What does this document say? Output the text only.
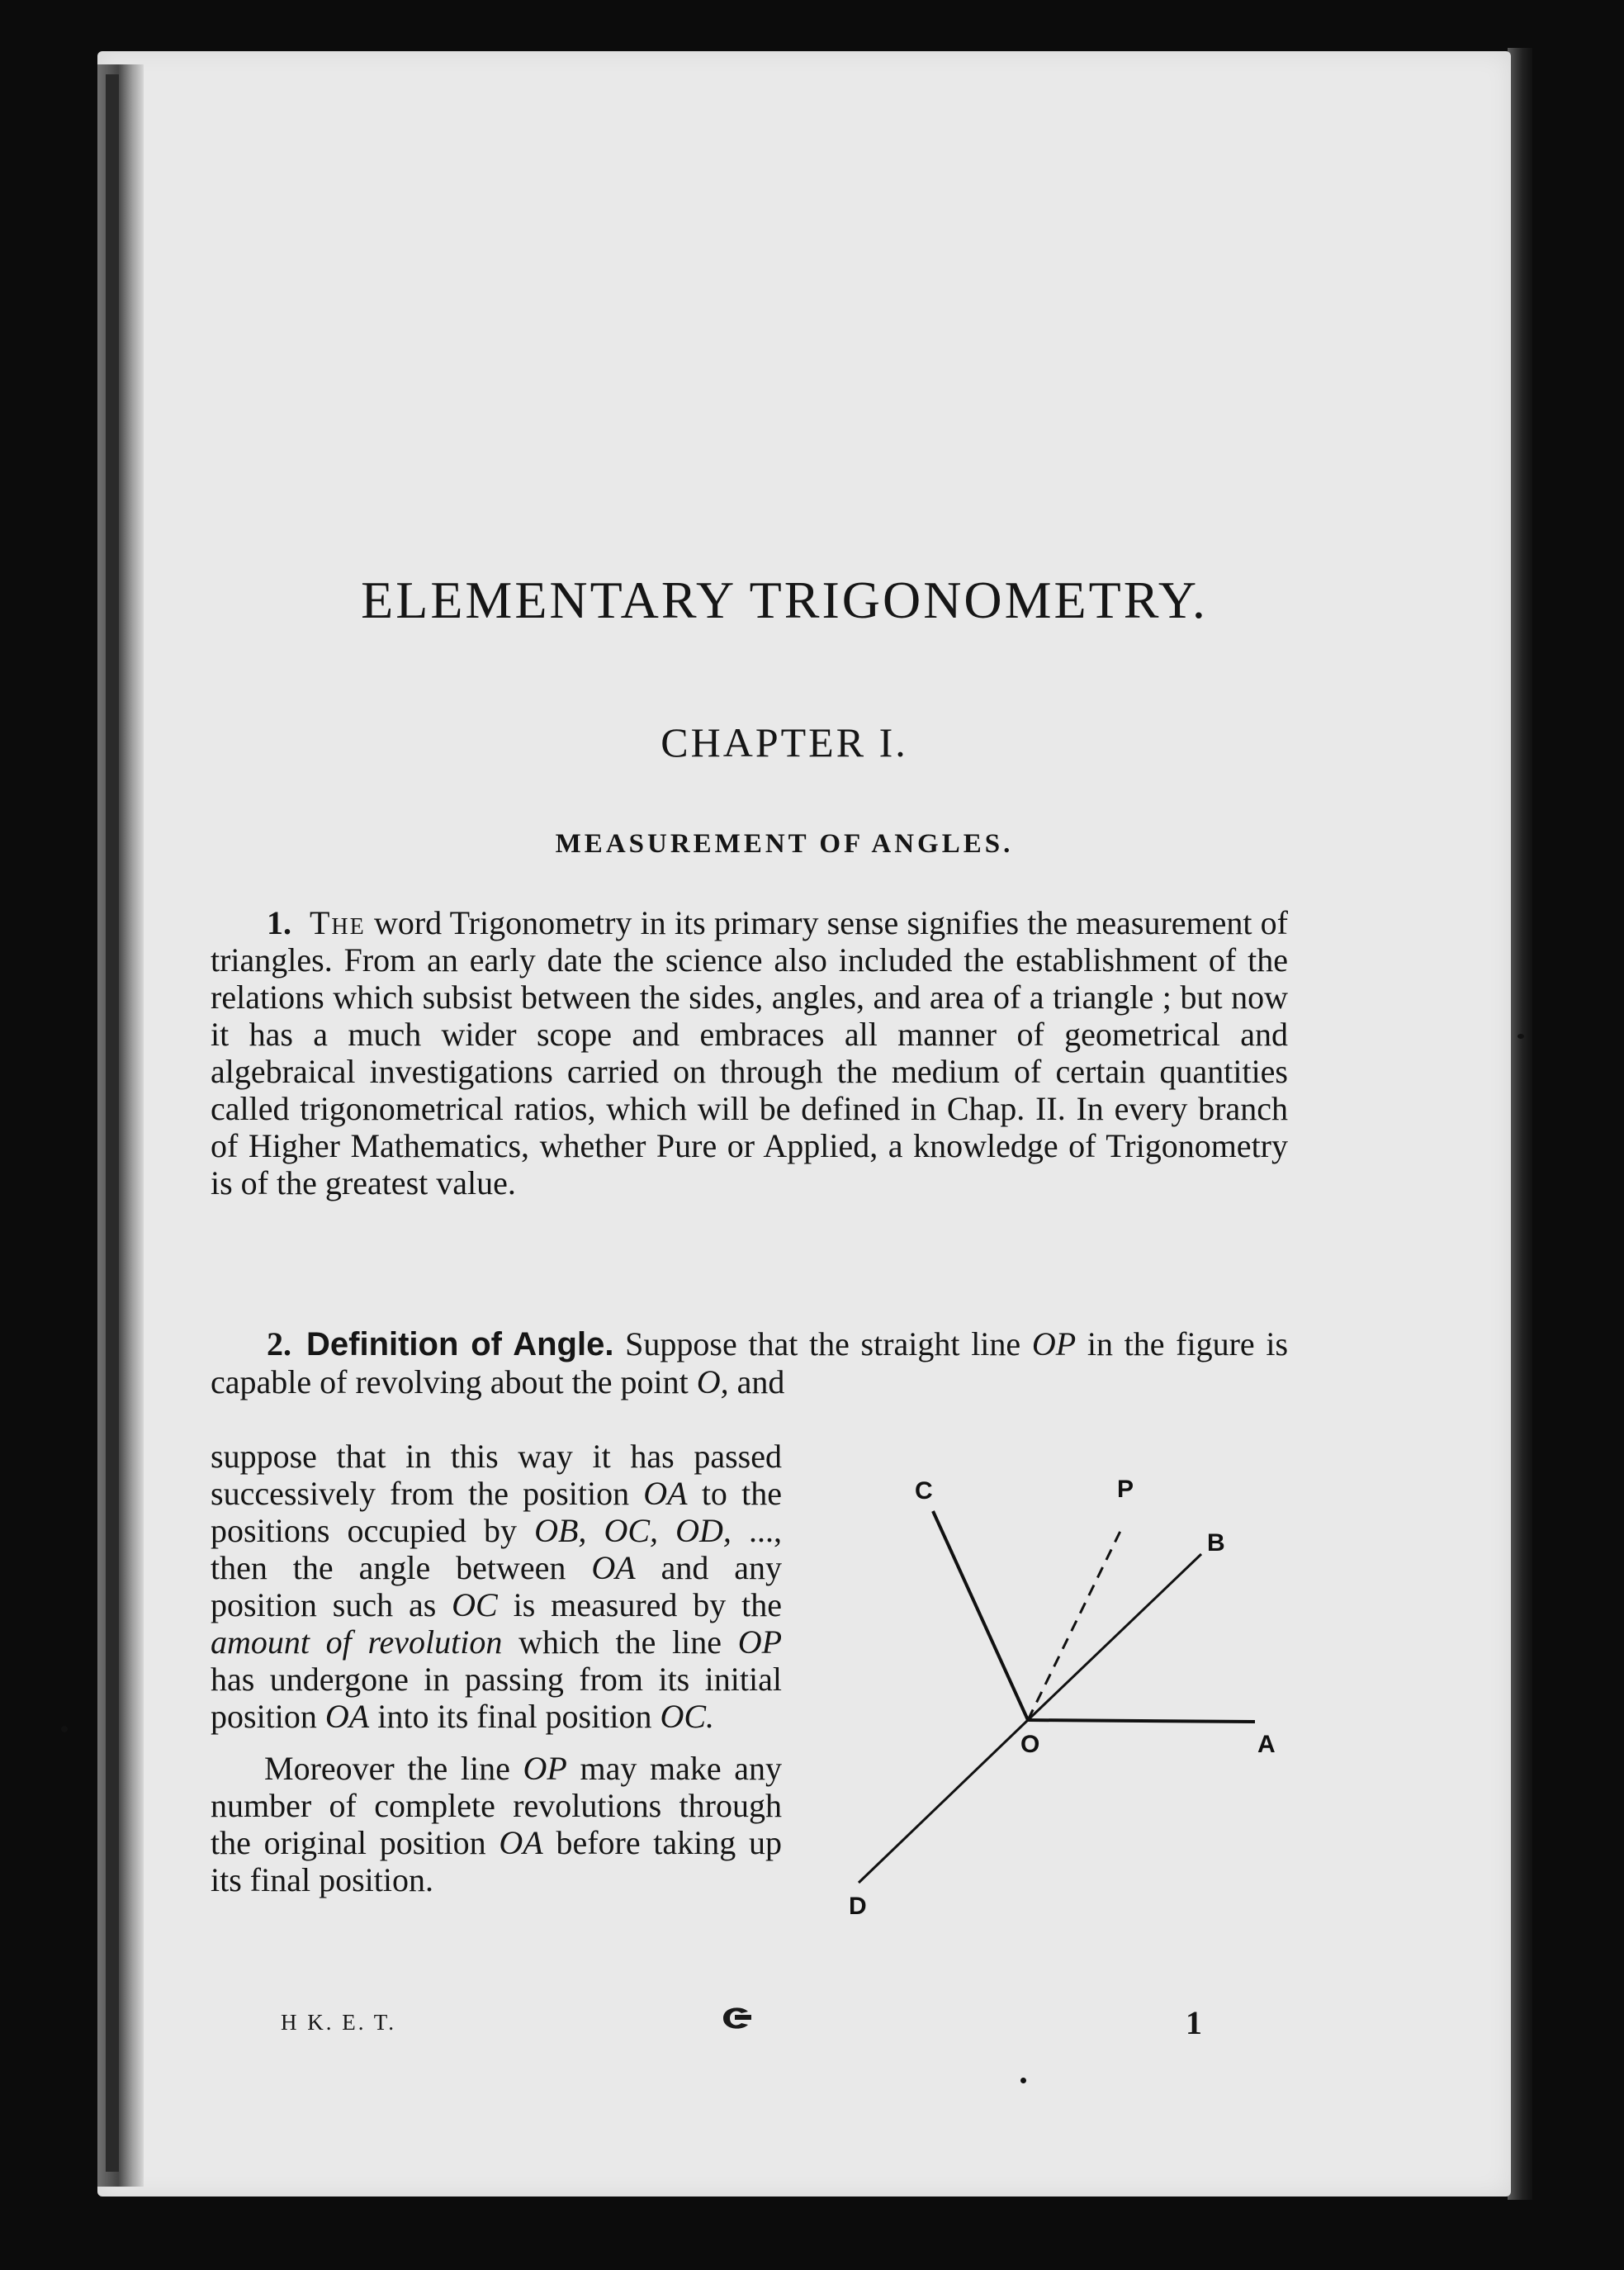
ELEMENTARY TRIGONOMETRY.
CHAPTER I.
MEASUREMENT OF ANGLES.
1. The word Trigonometry in its primary sense signifies the measurement of triangles. From an early date the science also included the establishment of the relations which subsist between the sides, angles, and area of a triangle ; but now it has a much wider scope and embraces all manner of geometrical and algebraical investigations carried on through the medium of certain quantities called trigonometrical ratios, which will be defined in Chap. II. In every branch of Higher Mathematics, whether Pure or Applied, a knowledge of Trigonometry is of the greatest value.
2. Definition of Angle. Suppose that the straight line OP in the figure is capable of revolving about the point O, and

suppose that in this way it has passed successively from the position OA to the positions occupied by OB, OC, OD, ..., then the angle between OA and any position such as OC is measured by the amount of revolution which the line OP has undergone in passing from its initial position OA into its final position OC.

Moreover the line OP may make any number of complete revolutions through the original position OA before taking up its final position.

C	P
B
O	A
D
H K. E. T.	1
